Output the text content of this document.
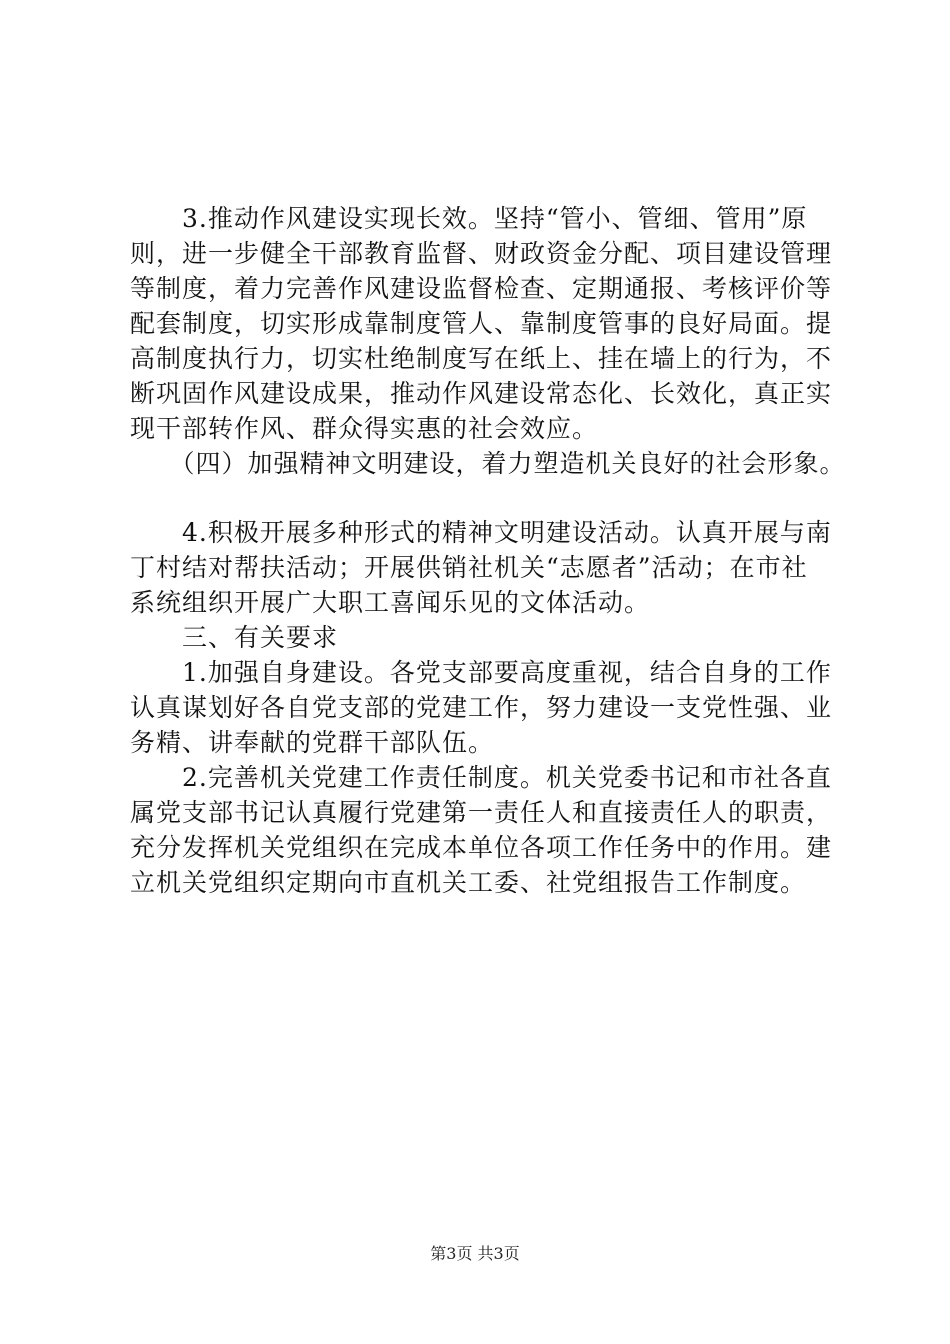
　　3.推动作风建设实现长效。坚持“管小、管细、管用”原
则，进一步健全干部教育监督、财政资金分配、项目建设管理
等制度，着力完善作风建设监督检查、定期通报、考核评价等
配套制度，切实形成靠制度管人、靠制度管事的良好局面。提
高制度执行力，切实杜绝制度写在纸上、挂在墙上的行为，不
断巩固作风建设成果，推动作风建设常态化、长效化，真正实
现干部转作风、群众得实惠的社会效应。
　　（四）加强精神文明建设，着力塑造机关良好的社会形象。
　　4.积极开展多种形式的精神文明建设活动。认真开展与南
丁村结对帮扶活动；开展供销社机关“志愿者”活动；在市社
系统组织开展广大职工喜闻乐见的文体活动。
　　三、有关要求
　　1.加强自身建设。各党支部要高度重视，结合自身的工作
认真谋划好各自党支部的党建工作，努力建设一支党性强、业
务精、讲奉献的党群干部队伍。
　　2.完善机关党建工作责任制度。机关党委书记和市社各直
属党支部书记认真履行党建第一责任人和直接责任人的职责，
充分发挥机关党组织在完成本单位各项工作任务中的作用。建
立机关党组织定期向市直机关工委、社党组报告工作制度。
第3页 共3页
